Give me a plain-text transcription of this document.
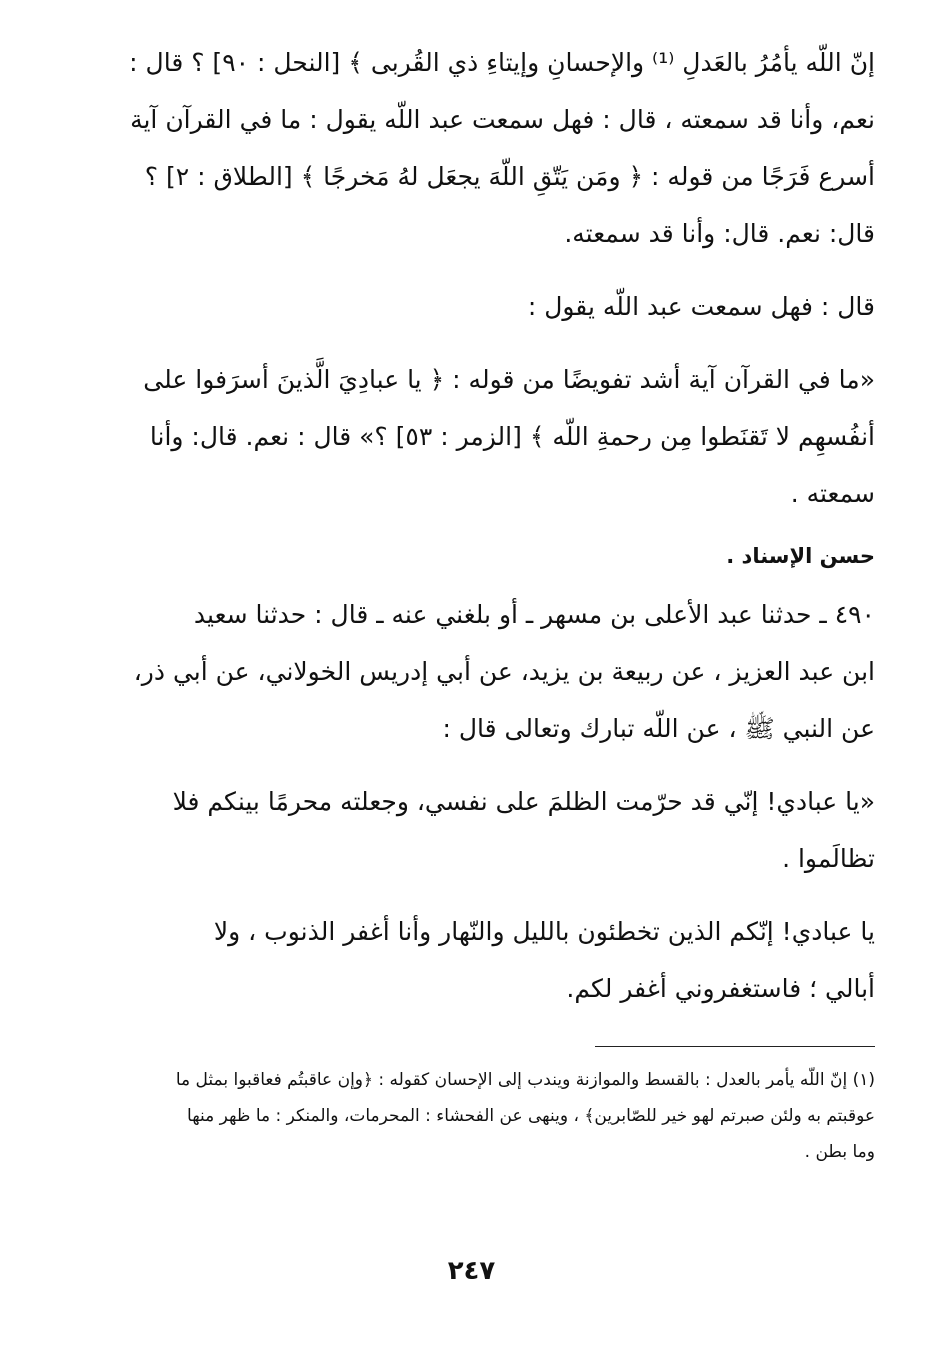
إنّ اللّه يأمُرُ بالعَدلِ ⁽¹⁾ والإحسانِ وإيتاءِ ذي القُربى ﴾ [النحل : ٩٠] ؟ قال :
نعم، وأنا قد سمعته ، قال : فهل سمعت عبد اللّه يقول : ما في القرآن آية
أسرع فَرَجًا من قوله : ﴿ ومَن يَتّقِ اللّهَ يجعَل لهُ مَخرجًا ﴾ [الطلاق : ٢] ؟
قال: نعم. قال: وأنا قد سمعته.
قال : فهل سمعت عبد اللّه يقول :
«ما في القرآن آية أشد تفويضًا من قوله : ﴿ يا عبادِيَ الَّذينَ أسرَفوا على
أنفُسهِم لا تَقنَطوا مِن رحمةِ اللّه ﴾ [الزمر : ٥٣] ؟» قال : نعم. قال: وأنا
سمعته .
حسن الإسناد .
٤٩٠ ـ حدثنا عبد الأعلى بن مسهر ـ أو بلغني عنه ـ قال : حدثنا سعيد
ابن عبد العزيز ، عن ربيعة بن يزيد، عن أبي إدريس الخولاني، عن أبي ذر،
عن النبي ﷺ ، عن اللّه تبارك وتعالى قال :
«يا عبادي! إنّي قد حرّمت الظلمَ على نفسي، وجعلته محرمًا بينكم فلا
تظالَموا .
يا عبادي! إنّكم الذين تخطئون بالليل والنّهار وأنا أغفر الذنوب ، ولا
أبالي ؛ فاستغفروني أغفر لكم.
(١) إنّ اللّه يأمر بالعدل : بالقسط والموازنة ويندب إلى الإحسان كقوله : ﴿وإن عاقبتُم فعاقبوا بمثل ما
عوقبتم به ولئن صبرتم لهو خير للصّابرين﴾ ، وينهى عن الفحشاء : المحرمات، والمنكر : ما ظهر منها
وما بطن .
٢٤٧
